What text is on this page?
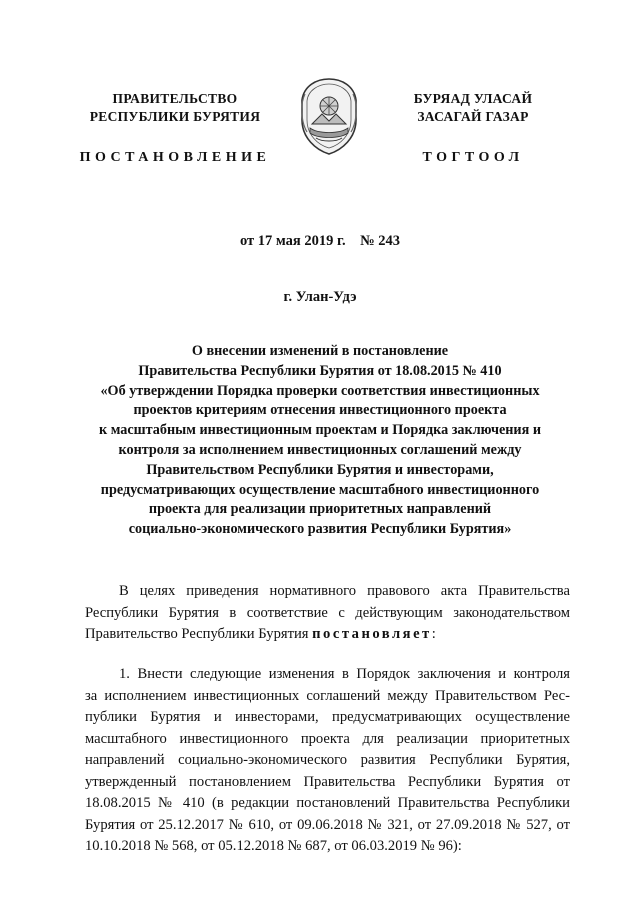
ПРАВИТЕЛЬСТВО
РЕСПУБЛИКИ БУРЯТИЯ
ПОСТАНОВЛЕНИЕ
БУРЯАД УЛАСАЙ
ЗАСАГАЙ ГАЗАР
ТОГТООЛ
от 17 мая 2019 г.    № 243
г. Улан-Удэ
О внесении изменений в постановление
Правительства Республики Бурятия от 18.08.2015 № 410
«Об утверждении Порядка проверки соответствия инвестиционных
проектов критериям отнесения инвестиционного проекта
к масштабным инвестиционным проектам и Порядка заключения и
контроля за исполнением инвестиционных соглашений между
Правительством Республики Бурятия и инвесторами,
предусматривающих осуществление масштабного инвестиционного
проекта для реализации приоритетных направлений
социально-экономического развития Республики Бурятия»
В целях приведения нормативного правового акта Правительства
Республики Бурятия в соответствие с действующим законодательством
Правительство Республики Бурятия постановляет:
1. Внести следующие изменения в Порядок заключения и контроля
за исполнением инвестиционных соглашений между Правительством Рес-
публики Бурятия и инвесторами, предусматривающих осуществление
масштабного инвестиционного проекта для реализации приоритетных
направлений социально-экономического развития Республики Бурятия,
утвержденный постановлением Правительства Республики Бурятия от
18.08.2015 № 410 (в редакции постановлений Правительства Республики
Бурятия от 25.12.2017 № 610, от 09.06.2018 № 321, от 27.09.2018 № 527, от
10.10.2018 № 568, от 05.12.2018 № 687, от 06.03.2019 № 96):
